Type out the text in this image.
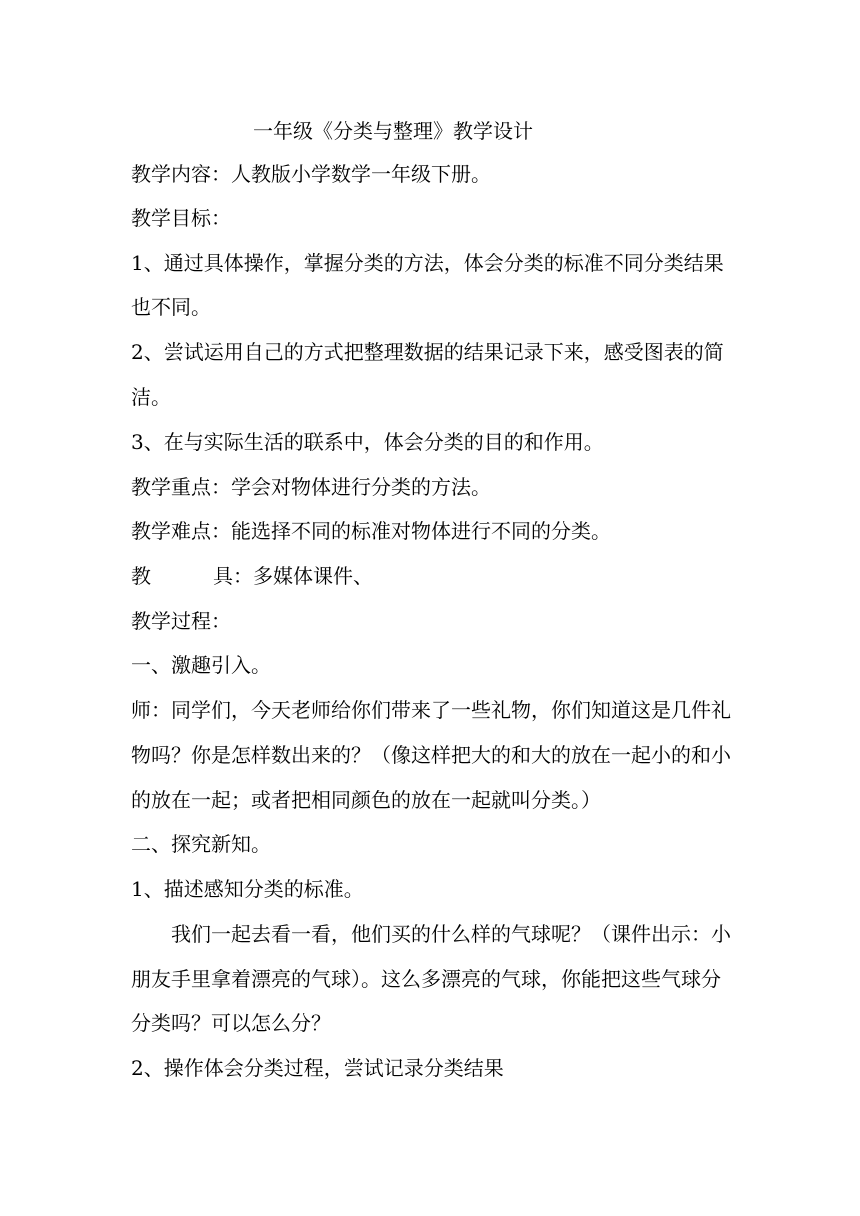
一年级《分类与整理》教学设计
教学内容：人教版小学数学一年级下册。
教学目标：
1、通过具体操作，掌握分类的方法，体会分类的标准不同分类结果
也不同。
2、尝试运用自己的方式把整理数据的结果记录下来，感受图表的简
洁。
3、在与实际生活的联系中，体会分类的目的和作用。
教学重点：学会对物体进行分类的方法。
教学难点：能选择不同的标准对物体进行不同的分类。
教	具：多媒体课件、
教学过程：
一、激趣引入。
师：同学们，今天老师给你们带来了一些礼物，你们知道这是几件礼
物吗？你是怎样数出来的？（像这样把大的和大的放在一起小的和小
的放在一起；或者把相同颜色的放在一起就叫分类。）
二、探究新知。
1、描述感知分类的标准。
我们一起去看一看，他们买的什么样的气球呢？（课件出示：小
朋友手里拿着漂亮的气球）。这么多漂亮的气球，你能把这些气球分
分类吗？可以怎么分？
2、操作体会分类过程，尝试记录分类结果
